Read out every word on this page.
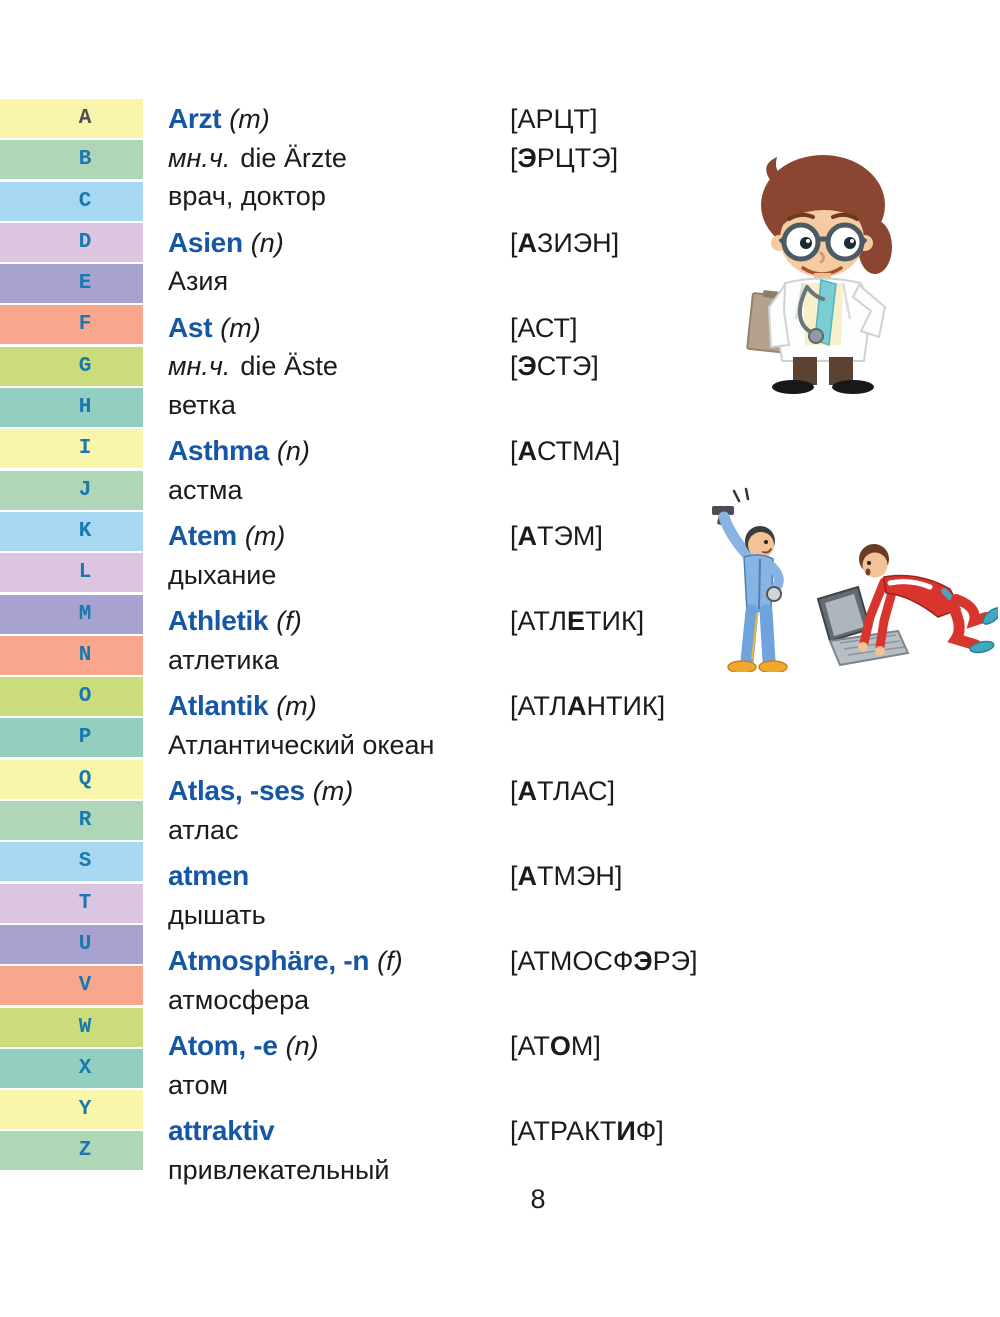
A
B
C
D
E
F
G
H
I
J
K
L
M
N
O
P
Q
R
S
T
U
V
W
X
Y
Z
Arzt (m)
мн.ч. die Ärzte
врач, доктор
[АРЦТ]
[ЭРЦТЭ]
Asien (n)
Азия
[АЗИЭН]
Ast (m)
мн.ч. die Äste
ветка
[АСТ]
[ЭСТЭ]
Asthma (n)
астма
[АСТМА]
Atem (m)
дыхание
[АТЭМ]
Athletik (f)
атлетика
[АТЛЕТИК]
Atlantik (m)
Атлантический океан
[АТЛАНТИК]
Atlas, -ses (m)
атлас
[АТЛАС]
atmen
дышать
[АТМЭН]
Atmosphäre, -n (f)
атмосфера
[АТМОСФЭРЭ]
Atom, -e (n)
атом
[АТОМ]
attraktiv
привлекательный
[АТРАКТИФ]
8
